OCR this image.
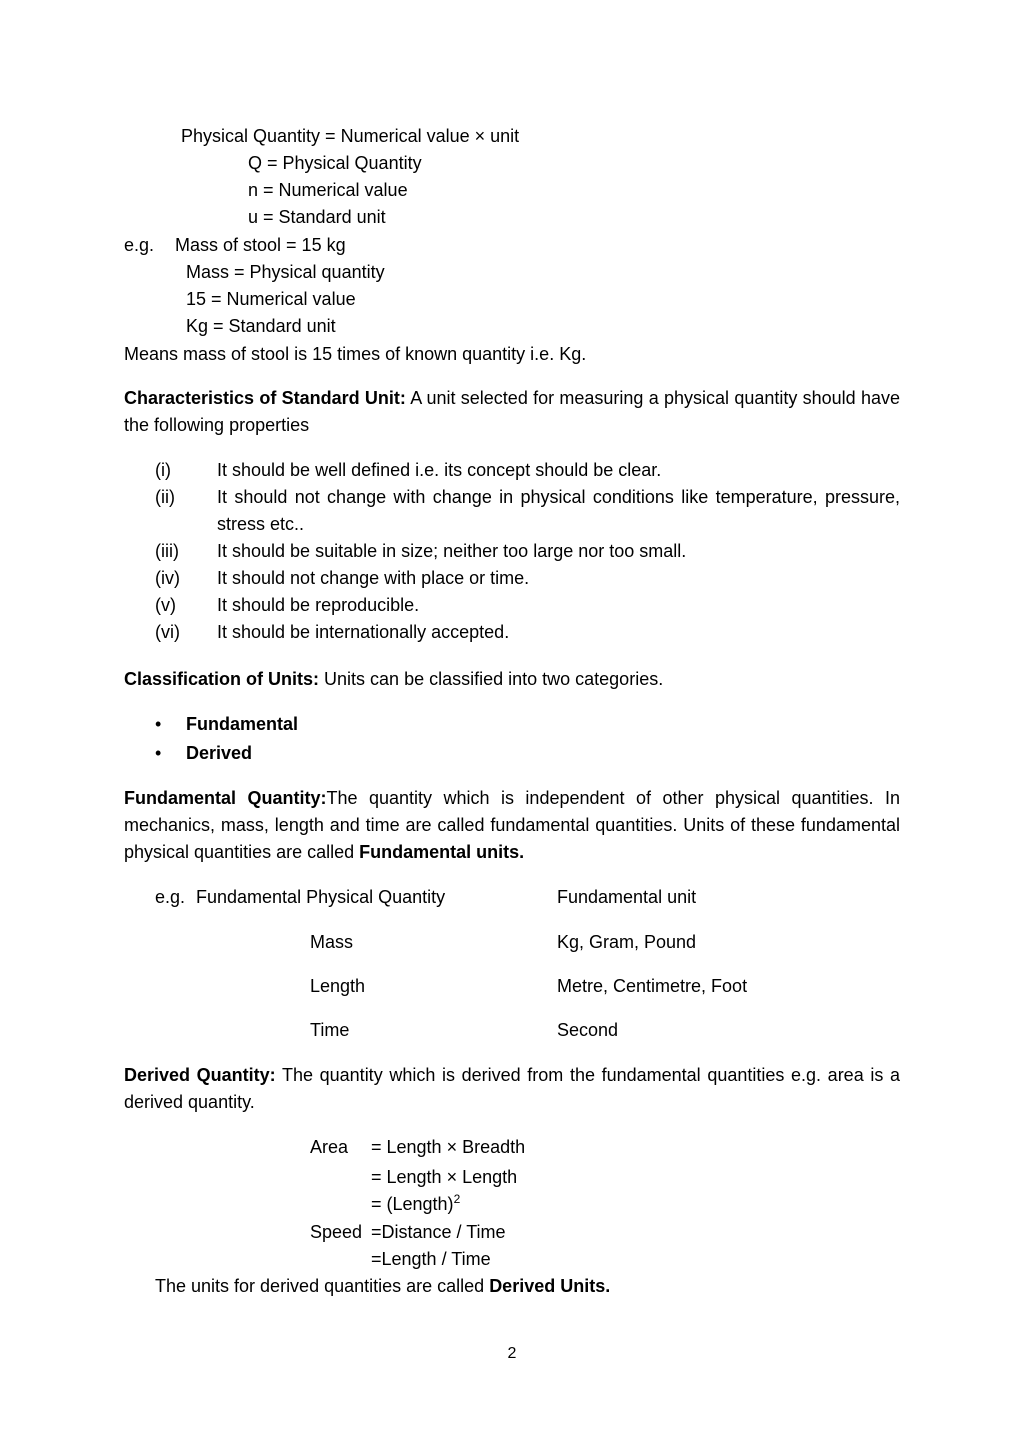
Physical Quantity = Numerical value × unit
Q = Physical Quantity
n = Numerical value
u = Standard unit
e.g. Mass of stool = 15 kg
Mass = Physical quantity
15 = Numerical value
Kg = Standard unit
Means mass of stool is 15 times of known quantity i.e. Kg.
Characteristics of Standard Unit: A unit selected for measuring a physical quantity should have the following properties
(i)	It should be well defined i.e. its concept should be clear.
(ii)	It should not change with change in physical conditions like temperature, pressure, stress etc..
(iii)	It should be suitable in size; neither too large nor too small.
(iv)	It should not change with place or time.
(v)	It should be reproducible.
(vi)	It should be internationally accepted.
Classification of Units: Units can be classified into two categories.
• Fundamental
• Derived
Fundamental Quantity:The quantity which is independent of other physical quantities. In mechanics, mass, length and time are called fundamental quantities. Units of these fundamental physical quantities are called Fundamental units.
e.g. Fundamental Physical Quantity	Fundamental unit
Mass	Kg, Gram, Pound
Length	Metre, Centimetre, Foot
Time	Second
Derived Quantity: The quantity which is derived from the fundamental quantities e.g. area is a derived quantity.
Area = Length × Breadth
= Length × Length
= (Length)$^2$
Speed =Distance / Time
=Length / Time
The units for derived quantities are called Derived Units.
2
